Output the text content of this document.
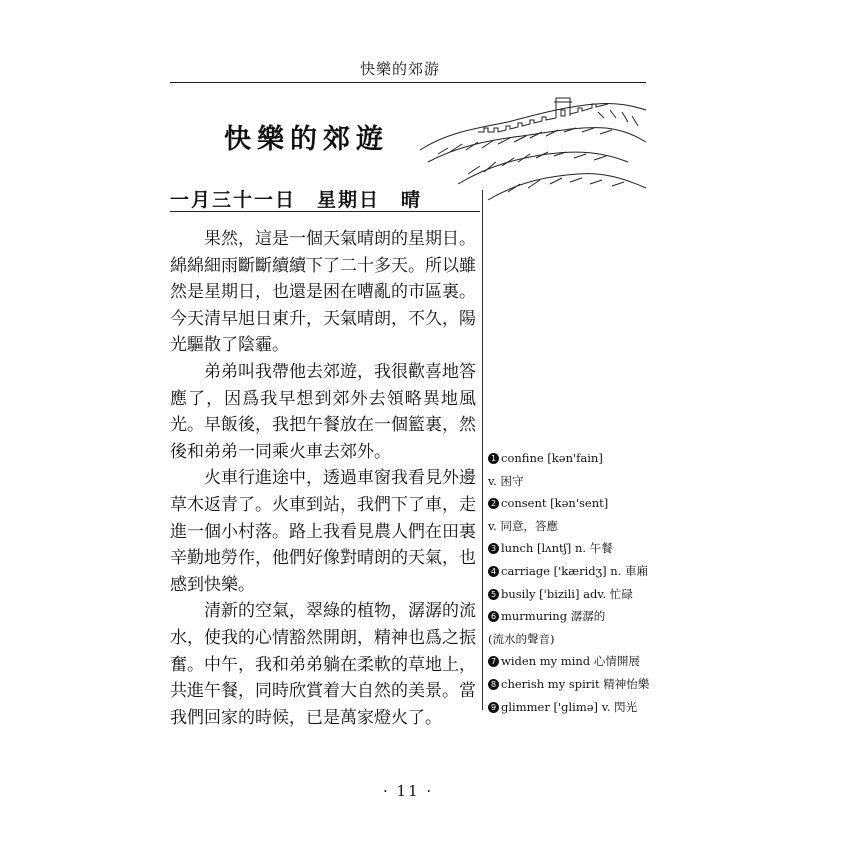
快樂的郊游
快樂的郊遊
一月三十一日　星期日　晴

果然，這是一個天氣晴朗的星期日。綿綿細雨斷斷續續下了二十多天。所以雖然是星期日，也還是困在嘈亂的市區裏。今天清早旭日東升，天氣晴朗，不久，陽光驅散了陰霾。

弟弟叫我帶他去郊遊，我很歡喜地答應了，因爲我早想到郊外去領略異地風光。早飯後，我把午餐放在一個籃裏，然後和弟弟一同乘火車去郊外。

火車行進途中，透過車窗我看見外邊草木返青了。火車到站，我們下了車，走進一個小村落。路上我看見農人們在田裏辛勤地勞作，他們好像對晴朗的天氣，也感到快樂。

清新的空氣，翠綠的植物，潺潺的流水，使我的心情豁然開朗，精神也爲之振奮。中午，我和弟弟躺在柔軟的草地上，共進午餐，同時欣賞着大自然的美景。當我們回家的時候，已是萬家燈火了。

1 confine [kən'fain]
v. 困守
2 consent [kən'sent]
v. 同意，答應
3 lunch [lʌntʃ] n. 午餐
4 carriage ['kæridʒ] n. 車廂
5 busily ['bizili] adv. 忙碌
6 murmuring 潺潺的
(流水的聲音)
7 widen my mind 心情開展
8 cherish my spirit 精神怡樂
9 glimmer ['glimə] v. 閃光
· 11 ·
